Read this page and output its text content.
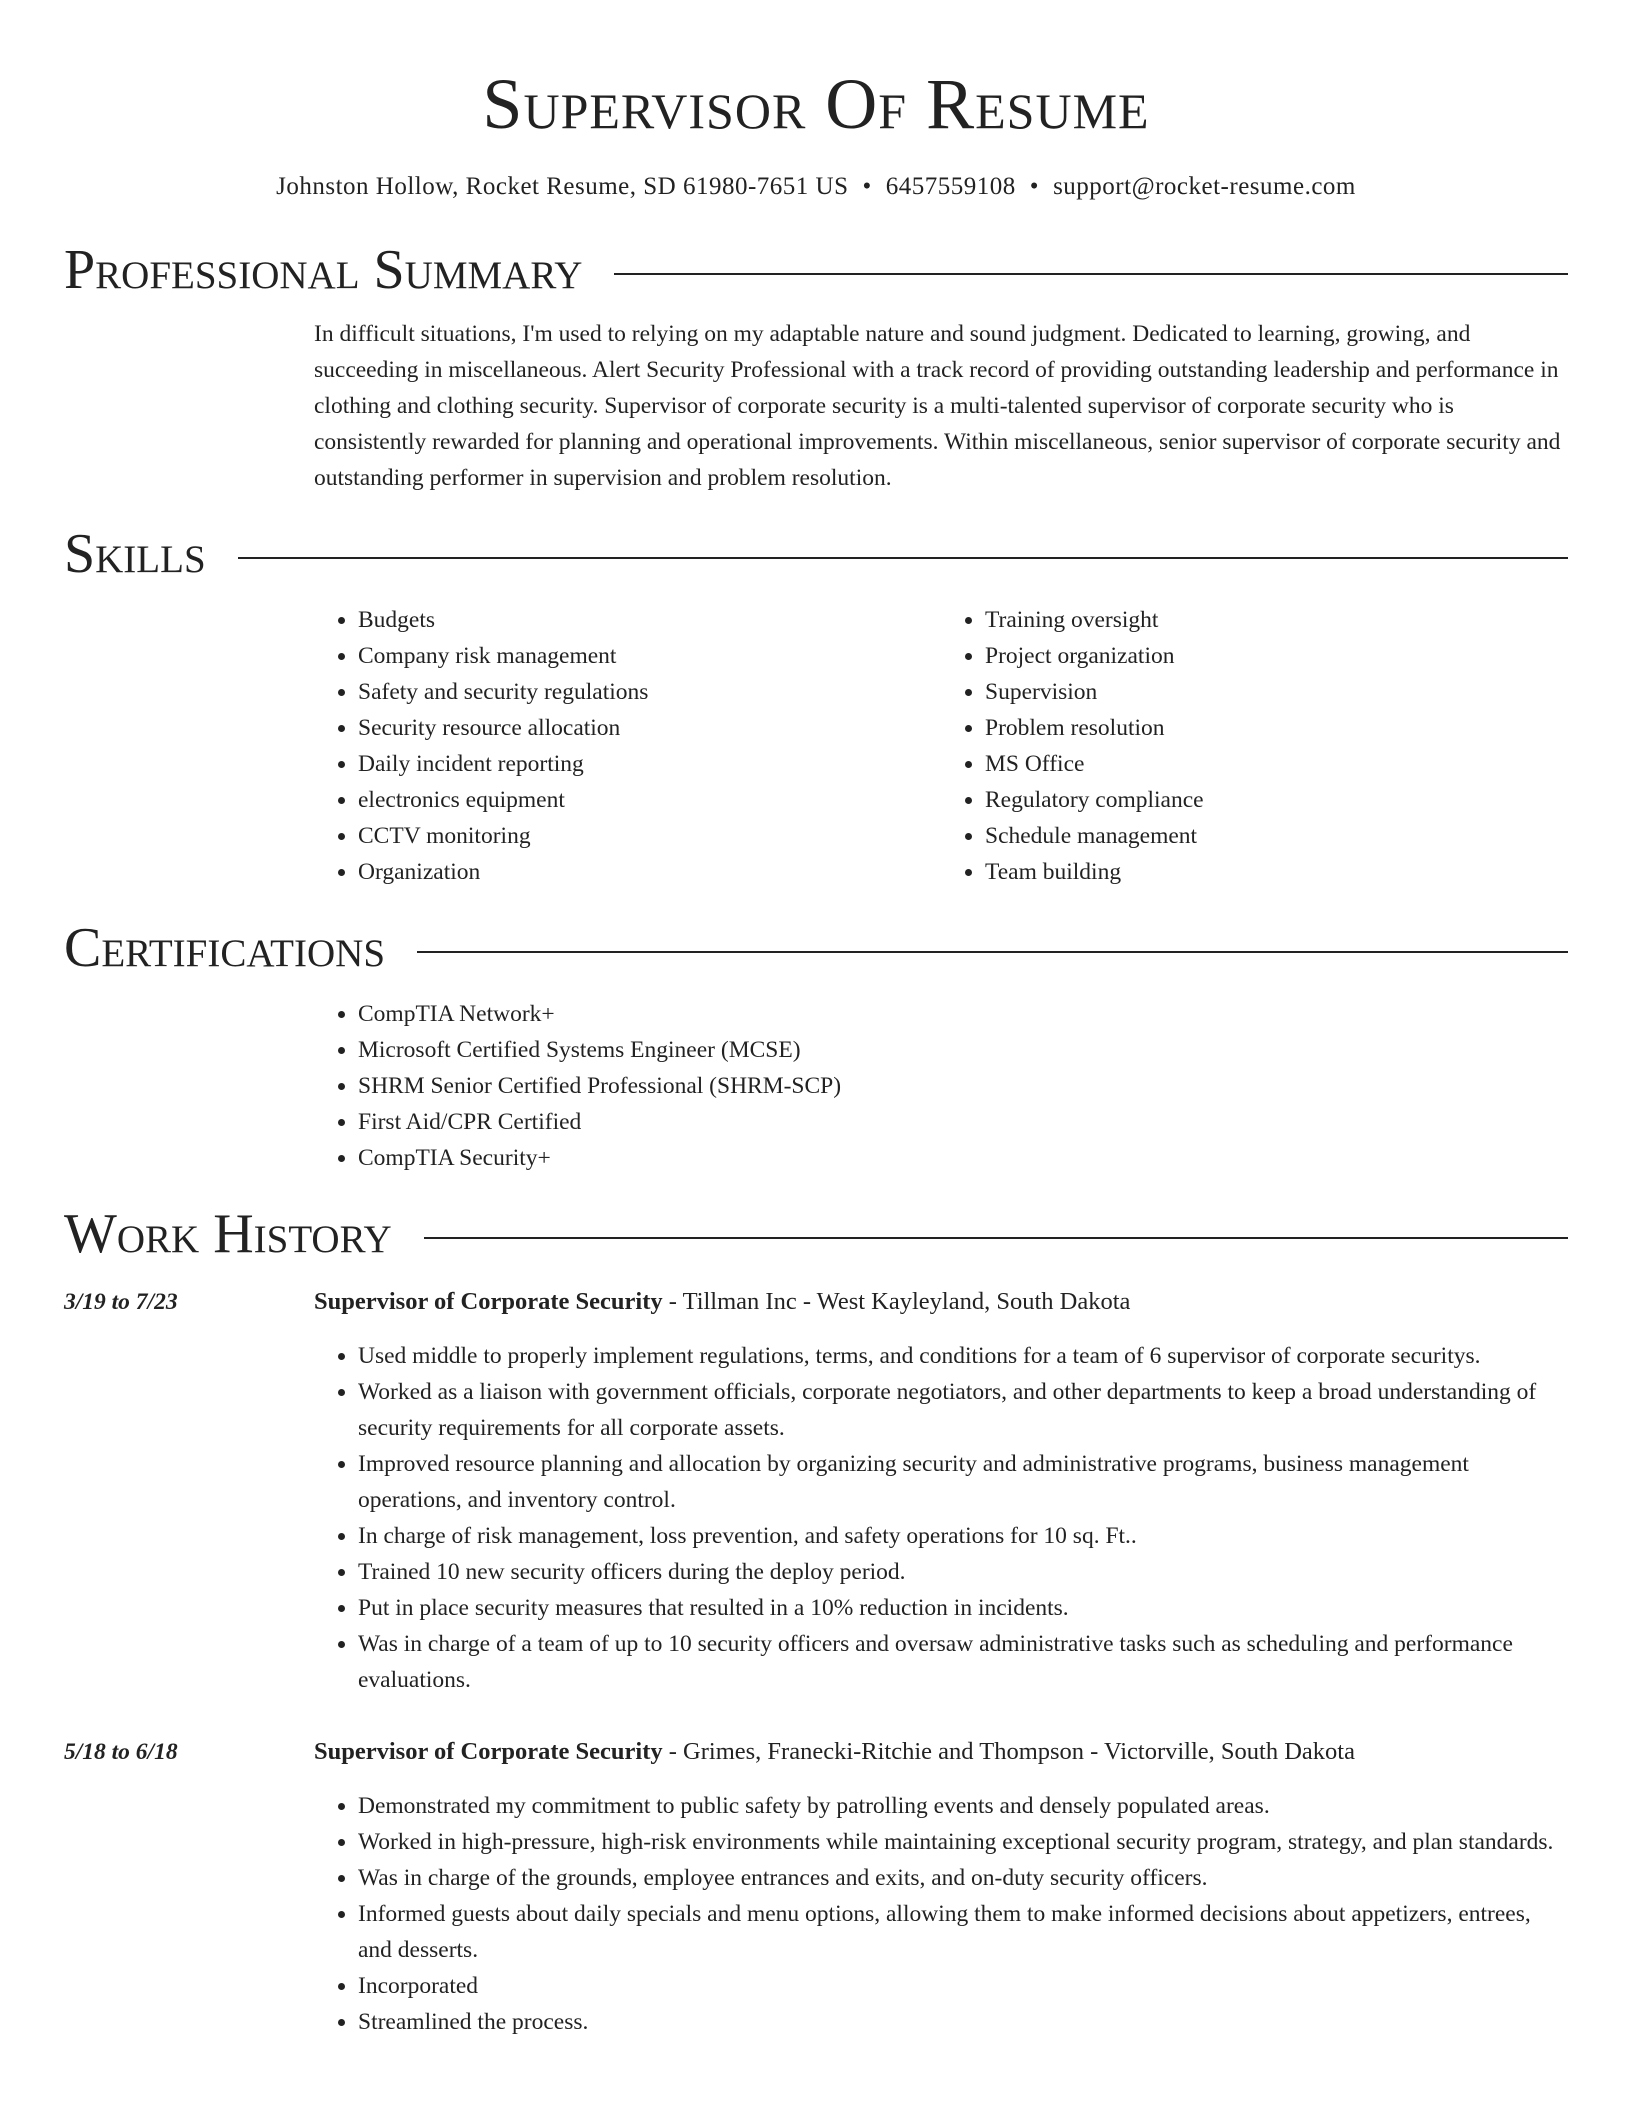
Supervisor Of Resume
Johnston Hollow, Rocket Resume, SD 61980-7651 US • 6457559108 • support@rocket-resume.com
Professional Summary

In difficult situations, I'm used to relying on my adaptable nature and sound judgment. Dedicated to learning, growing, and succeeding in miscellaneous. Alert Security Professional with a track record of providing outstanding leadership and performance in clothing and clothing security. Supervisor of corporate security is a multi-talented supervisor of corporate security who is consistently rewarded for planning and operational improvements. Within miscellaneous, senior supervisor of corporate security and outstanding performer in supervision and problem resolution.

Skills
• Budgets
• Company risk management
• Safety and security regulations
• Security resource allocation
• Daily incident reporting
• electronics equipment
• CCTV monitoring
• Organization
• Training oversight
• Project organization
• Supervision
• Problem resolution
• MS Office
• Regulatory compliance
• Schedule management
• Team building
Certifications
• CompTIA Network+
• Microsoft Certified Systems Engineer (MCSE)
• SHRM Senior Certified Professional (SHRM-SCP)
• First Aid/CPR Certified
• CompTIA Security+
Work History
3/19 to 7/23	Supervisor of Corporate Security - Tillman Inc - West Kayleyland, South Dakota
• Used middle to properly implement regulations, terms, and conditions for a team of 6 supervisor of corporate securitys.
• Worked as a liaison with government officials, corporate negotiators, and other departments to keep a broad understanding of security requirements for all corporate assets.
• Improved resource planning and allocation by organizing security and administrative programs, business management operations, and inventory control.
• In charge of risk management, loss prevention, and safety operations for 10 sq. Ft..
• Trained 10 new security officers during the deploy period.
• Put in place security measures that resulted in a 10% reduction in incidents.
• Was in charge of a team of up to 10 security officers and oversaw administrative tasks such as scheduling and performance evaluations.
5/18 to 6/18	Supervisor of Corporate Security - Grimes, Franecki-Ritchie and Thompson - Victorville, South Dakota
• Demonstrated my commitment to public safety by patrolling events and densely populated areas.
• Worked in high-pressure, high-risk environments while maintaining exceptional security program, strategy, and plan standards.
• Was in charge of the grounds, employee entrances and exits, and on-duty security officers.
• Informed guests about daily specials and menu options, allowing them to make informed decisions about appetizers, entrees, and desserts.
• Incorporated
• Streamlined the process.
